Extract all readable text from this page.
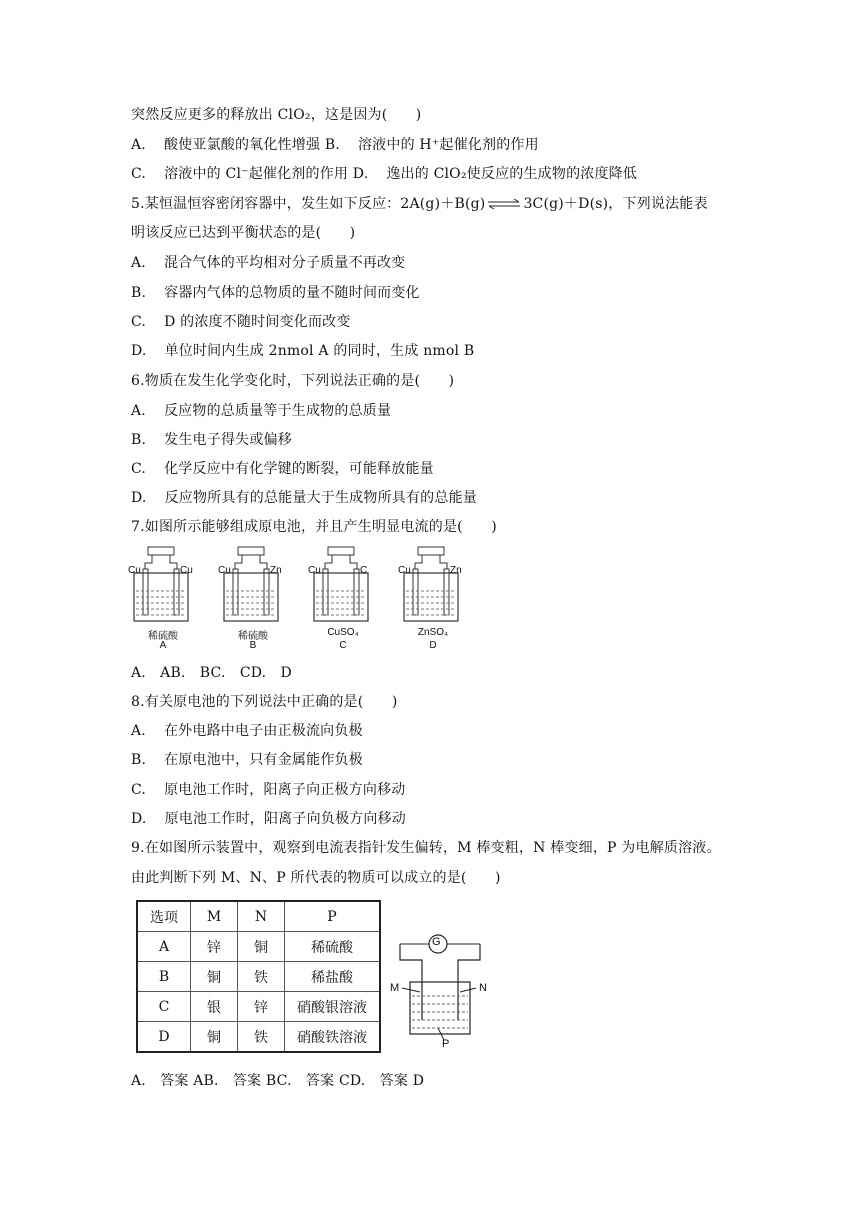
突然反应更多的释放出 ClO₂，这是因为(　　)
A. 酸使亚氯酸的氧化性增强 B. 溶液中的 H⁺起催化剂的作用
C. 溶液中的 Cl⁻起催化剂的作用 D. 逸出的 ClO₂使反应的生成物的浓度降低
5.某恒温恒容密闭容器中，发生如下反应：2A(g)＋B(g) ⇌ 3C(g)＋D(s)，下列说法能表
明该反应已达到平衡状态的是(　　)
A. 混合气体的平均相对分子质量不再改变
B. 容器内气体的总物质的量不随时间而变化
C. D 的浓度不随时间变化而改变
D. 单位时间内生成 2nmol A 的同时，生成 nmol B
6.物质在发生化学变化时，下列说法正确的是(　　)
A. 反应物的总质量等于生成物的总质量
B. 发生电子得失或偏移
C. 化学反应中有化学键的断裂，可能释放能量
D. 反应物所具有的总能量大于生成物所具有的总能量
7.如图所示能够组成原电池，并且产生明显电流的是(　　)
Cu	Cu
稀硫酸
A
Cu	Zn
稀硫酸
B
Cu	C
CuSO₄
C
Cu	Zn
ZnSO₄
D
A.　AB.　BC.　CD.　D
8.有关原电池的下列说法中正确的是(　　)
A. 在外电路中电子由正极流向负极
B. 在原电池中，只有金属能作负极
C. 原电池工作时，阳离子向正极方向移动
D. 原电池工作时，阳离子向负极方向移动
9.在如图所示装置中，观察到电流表指针发生偏转，M 棒变粗，N 棒变细，P 为电解质溶液。
由此判断下列 M、N、P 所代表的物质可以成立的是(　　)
选项	M	N	P
A	锌	铜	稀硫酸
B	铜	铁	稀盐酸
C	银	锌	硝酸银溶液
D	铜	铁	硝酸铁溶液
G
M	N
P
A.　答案 AB.　答案 BC.　答案 CD.　答案 D
